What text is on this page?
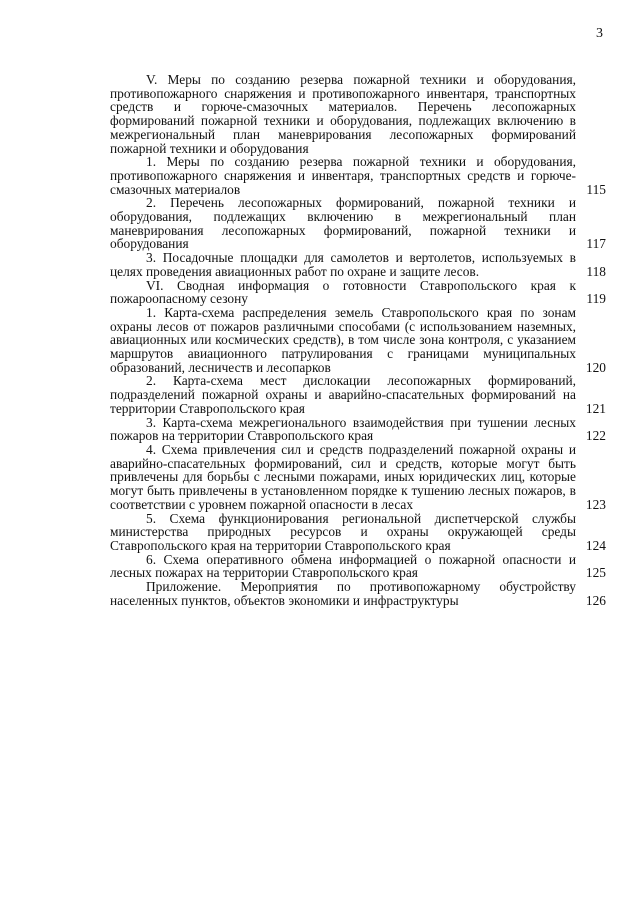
3
V. Меры по созданию резерва пожарной техники и оборудования, противопожарного снаряжения и противопожарного инвентаря, транспортных средств и горюче-смазочных материалов. Перечень лесопожарных формирований пожарной техники и оборудования, подлежащих включению в межрегиональный план маневрирования лесопожарных формирований пожарной техники и оборудования
1. Меры по созданию резерва пожарной техники и оборудования, противопожарного снаряжения и инвентаря, транспортных средств и горюче-смазочных материалов	115
2. Перечень лесопожарных формирований, пожарной техники и оборудования, подлежащих включению в межрегиональный план маневрирования лесопожарных формирований, пожарной техники и оборудования	117
3. Посадочные площадки для самолетов и вертолетов, используемых в целях проведения авиационных работ по охране и защите лесов.	118
VI. Сводная информация о готовности Ставропольского края к пожароопасному сезону	119
1. Карта-схема распределения земель Ставропольского края по зонам охраны лесов от пожаров различными способами (с использованием наземных, авиационных или космических средств), в том числе зона контроля, с указанием маршрутов авиационного патрулирования с границами муниципальных образований, лесничеств и лесопарков	120
2. Карта-схема мест дислокации лесопожарных формирований, подразделений пожарной охраны и аварийно-спасательных формирований на территории Ставропольского края	121
3. Карта-схема межрегионального взаимодействия при тушении лесных пожаров на территории Ставропольского края	122
4. Схема привлечения сил и средств подразделений пожарной охраны и аварийно-спасательных формирований, сил и средств, которые могут быть привлечены для борьбы с лесными пожарами, иных юридических лиц, которые могут быть привлечены в установленном порядке к тушению лесных пожаров, в соответствии с уровнем пожарной опасности в лесах	123
5. Схема функционирования региональной диспетчерской службы министерства природных ресурсов и охраны окружающей среды Ставропольского края на территории Ставропольского края	124
6. Схема оперативного обмена информацией о пожарной опасности и лесных пожарах на территории Ставропольского края	125
Приложение. Мероприятия по противопожарному обустройству населенных пунктов, объектов экономики и инфраструктуры	126
